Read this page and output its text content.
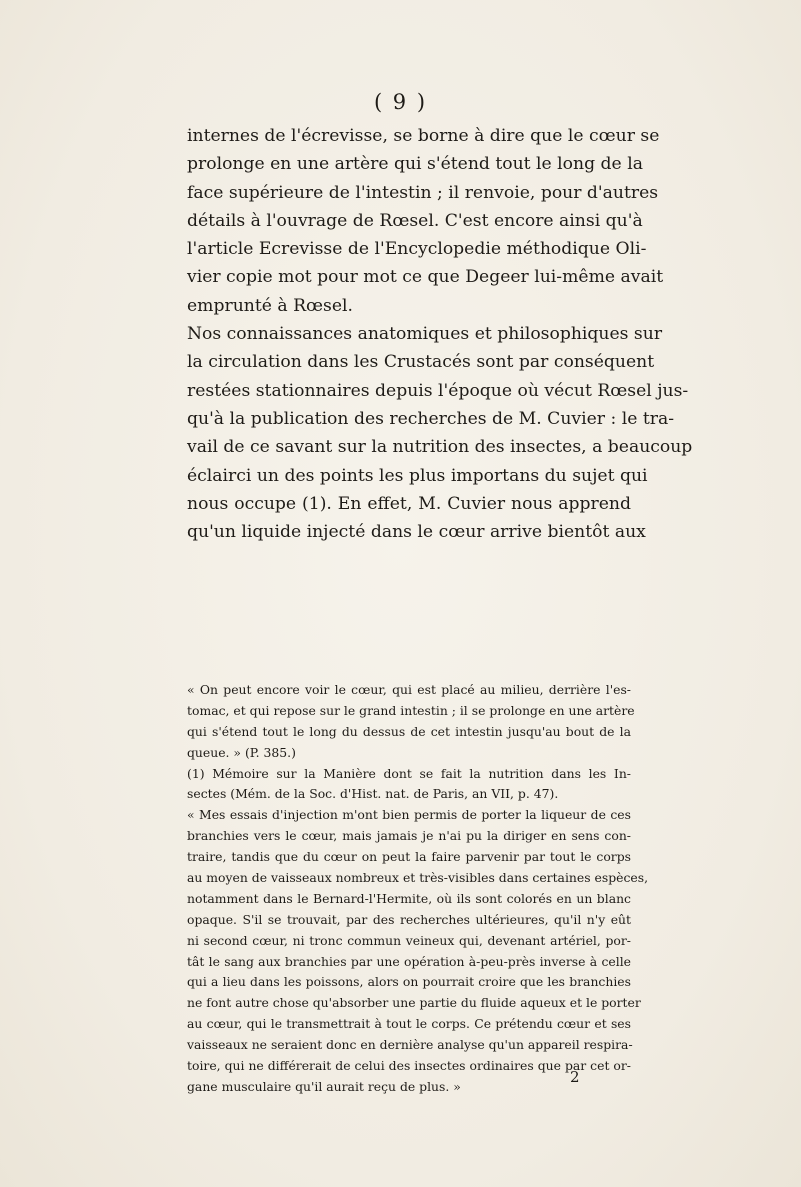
( 9 )
internes de l'écrevisse, se borne à dire que le cœur se
prolonge en une artère qui s'étend tout le long de la
face supérieure de l'intestin ; il renvoie, pour d'autres
détails à l'ouvrage de Rœsel. C'est encore ainsi qu'à
l'article Ecrevisse de l'Encyclopedie méthodique Oli-
vier copie mot pour mot ce que Degeer lui-même avait
emprunté à Rœsel.
Nos connaissances anatomiques et philosophiques sur
la circulation dans les Crustacés sont par conséquent
restées stationnaires depuis l'époque où vécut Rœsel jus-
qu'à la publication des recherches de M. Cuvier : le tra-
vail de ce savant sur la nutrition des insectes, a beaucoup
éclairci un des points les plus importans du sujet qui
nous occupe (1). En effet, M. Cuvier nous apprend
qu'un liquide injecté dans le cœur arrive bientôt aux
« On peut encore voir le cœur, qui est placé au milieu, derrière l'es-
tomac, et qui repose sur le grand intestin ; il se prolonge en une artère
qui s'étend tout le long du dessus de cet intestin jusqu'au bout de la
queue. » (P. 385.)
(1) Mémoire sur la Manière dont se fait la nutrition dans les In-
sectes (Mém. de la Soc. d'Hist. nat. de Paris, an VII, p. 47).
« Mes essais d'injection m'ont bien permis de porter la liqueur de ces
branchies vers le cœur, mais jamais je n'ai pu la diriger en sens con-
traire, tandis que du cœur on peut la faire parvenir par tout le corps
au moyen de vaisseaux nombreux et très-visibles dans certaines espèces,
notamment dans le Bernard-l'Hermite, où ils sont colorés en un blanc
opaque. S'il se trouvait, par des recherches ultérieures, qu'il n'y eût
ni second cœur, ni tronc commun veineux qui, devenant artériel, por-
tât le sang aux branchies par une opération à-peu-près inverse à celle
qui a lieu dans les poissons, alors on pourrait croire que les branchies
ne font autre chose qu'absorber une partie du fluide aqueux et le porter
au cœur, qui le transmettrait à tout le corps. Ce prétendu cœur et ses
vaisseaux ne seraient donc en dernière analyse qu'un appareil respira-
toire, qui ne différerait de celui des insectes ordinaires que par cet or-
gane musculaire qu'il aurait reçu de plus. »
2
